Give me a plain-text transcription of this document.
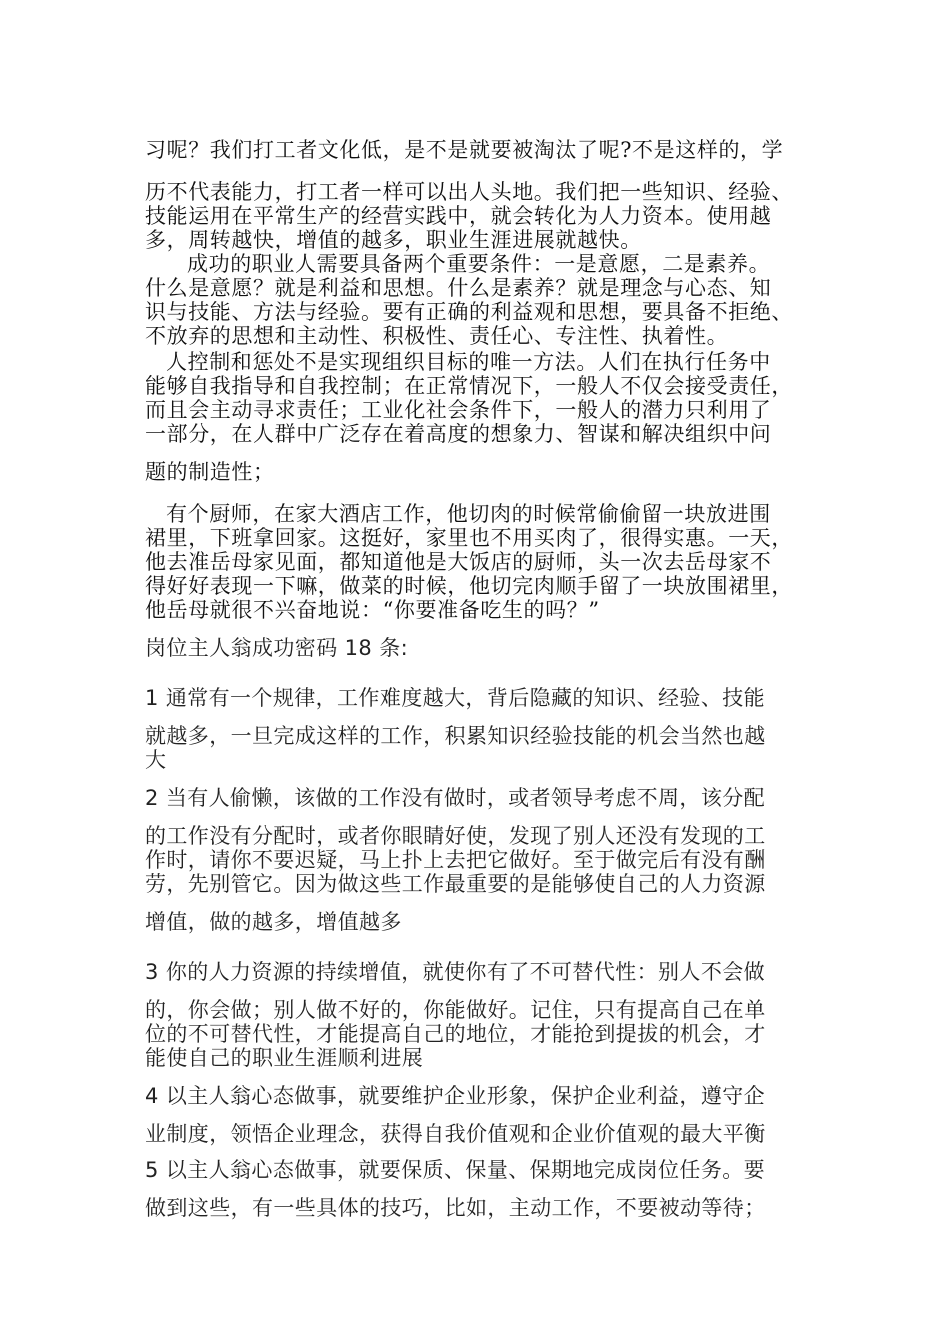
习呢？我们打工者文化低，是不是就要被淘汰了呢?不是这样的，学

历不代表能力，打工者一样可以出人头地。我们把一些知识、经验、

技能运用在平常生产的经营实践中，就会转化为人力资本。使用越

多，周转越快，增值的越多，职业生涯进展就越快。

成功的职业人需要具备两个重要条件：一是意愿，二是素养。

什么是意愿？就是利益和思想。什么是素养？就是理念与心态、知

识与技能、方法与经验。要有正确的利益观和思想，要具备不拒绝、

不放弃的思想和主动性、积极性、责任心、专注性、执着性。

人控制和惩处不是实现组织目标的唯一方法。人们在执行任务中

能够自我指导和自我控制；在正常情况下，一般人不仅会接受责任，

而且会主动寻求责任；工业化社会条件下，一般人的潜力只利用了

一部分，在人群中广泛存在着高度的想象力、智谋和解决组织中问

题的制造性；

有个厨师，在家大酒店工作，他切肉的时候常偷偷留一块放进围

裙里，下班拿回家。这挺好，家里也不用买肉了，很得实惠。一天，

他去准岳母家见面，都知道他是大饭店的厨师，头一次去岳母家不

得好好表现一下嘛，做菜的时候，他切完肉顺手留了一块放围裙里，

他岳母就很不兴奋地说：“你要准备吃生的吗？”

岗位主人翁成功密码 18 条:

1 通常有一个规律，工作难度越大，背后隐藏的知识、经验、技能

就越多，一旦完成这样的工作，积累知识经验技能的机会当然也越

大

2 当有人偷懒，该做的工作没有做时，或者领导考虑不周，该分配

的工作没有分配时，或者你眼睛好使，发现了别人还没有发现的工

作时，请你不要迟疑，马上扑上去把它做好。至于做完后有没有酬

劳，先别管它。因为做这些工作最重要的是能够使自己的人力资源

增值，做的越多，增值越多

3 你的人力资源的持续增值，就使你有了不可替代性：别人不会做

的，你会做；别人做不好的，你能做好。记住，只有提高自己在单

位的不可替代性，才能提高自己的地位，才能抢到提拔的机会，才

能使自己的职业生涯顺利进展

4 以主人翁心态做事，就要维护企业形象，保护企业利益，遵守企

业制度，领悟企业理念，获得自我价值观和企业价值观的最大平衡

5 以主人翁心态做事，就要保质、保量、保期地完成岗位任务。要

做到这些，有一些具体的技巧，比如，主动工作，不要被动等待；
